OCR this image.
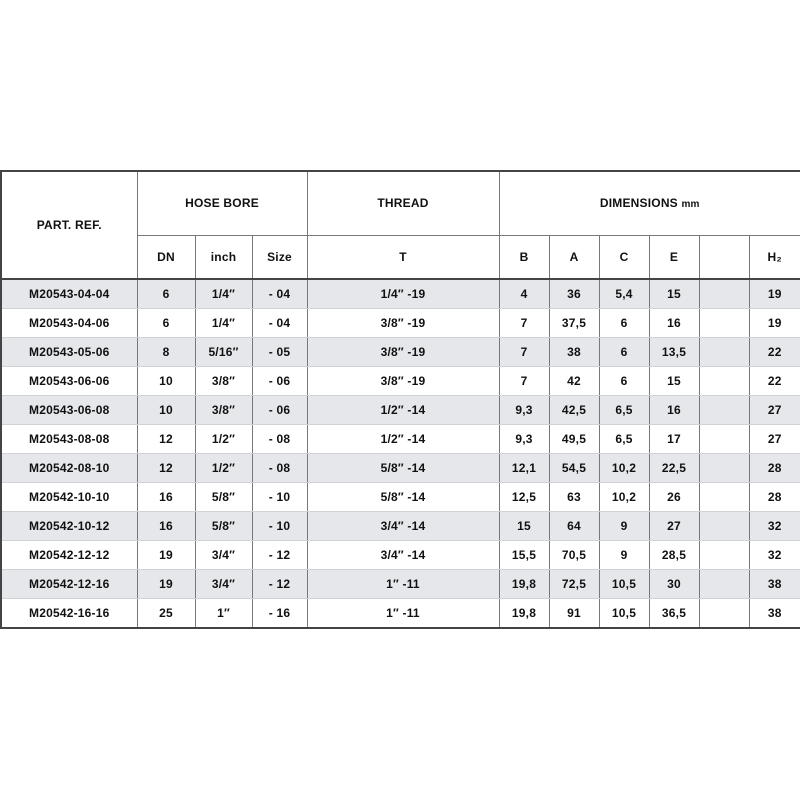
PART. REF.	HOSE BORE			THREAD	DIMENSIONS mm					
	DN	inch	Size	T	B	A	C	E		H₂
M20543-04-04	6	1/4″	- 04	1/4″ -19	4	36	5,4	15		19
M20543-04-06	6	1/4″	- 04	3/8″ -19	7	37,5	6	16		19
M20543-05-06	8	5/16″	- 05	3/8″ -19	7	38	6	13,5		22
M20543-06-06	10	3/8″	- 06	3/8″ -19	7	42	6	15		22
M20543-06-08	10	3/8″	- 06	1/2″ -14	9,3	42,5	6,5	16		27
M20543-08-08	12	1/2″	- 08	1/2″ -14	9,3	49,5	6,5	17		27
M20542-08-10	12	1/2″	- 08	5/8″ -14	12,1	54,5	10,2	22,5		28
M20542-10-10	16	5/8″	- 10	5/8″ -14	12,5	63	10,2	26		28
M20542-10-12	16	5/8″	- 10	3/4″ -14	15	64	9	27		32
M20542-12-12	19	3/4″	- 12	3/4″ -14	15,5	70,5	9	28,5		32
M20542-12-16	19	3/4″	- 12	1″ -11	19,8	72,5	10,5	30		38
M20542-16-16	25	1″	- 16	1″ -11	19,8	91	10,5	36,5		38
